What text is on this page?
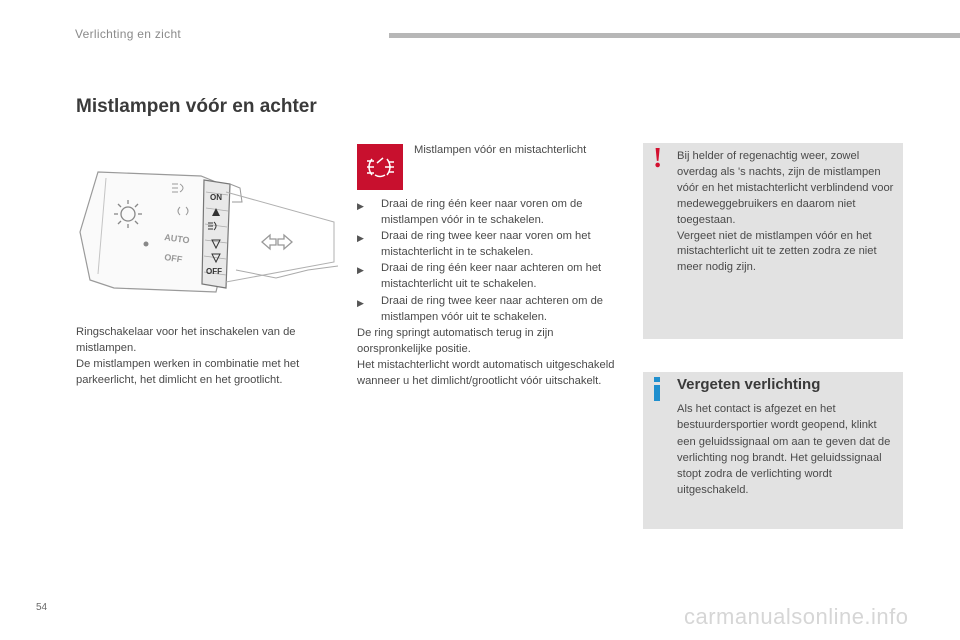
Verlichting en zicht
Mistlampen vóór en achter
AUTO
OFF
ON
OFF

Ringschakelaar voor het inschakelen van de mistlampen.

De mistlampen werken in combinatie met het parkeerlicht, het dimlicht en het grootlicht.

Mistlampen vóór en mistachterlicht

▶ Draai de ring één keer naar voren om de mistlampen vóór in te schakelen.

▶ Draai de ring twee keer naar voren om het mistachterlicht in te schakelen.

▶ Draai de ring één keer naar achteren om het mistachterlicht uit te schakelen.

▶ Draai de ring twee keer naar achteren om de mistlampen vóór uit te schakelen.

De ring springt automatisch terug in zijn oorspronkelijke positie.

Het mistachterlicht wordt automatisch uitgeschakeld wanneer u het dimlicht/grootlicht vóór uitschakelt.

! Bij helder of regenachtig weer, zowel overdag als 's nachts, zijn de mistlampen vóór en het mistachterlicht verblindend voor medeweggebruikers en daarom niet toegestaan.

Vergeet niet de mistlampen vóór en het mistachterlicht uit te zetten zodra ze niet meer nodig zijn.

Vergeten verlichting

Als het contact is afgezet en het bestuurdersportier wordt geopend, klinkt een geluidssignaal om aan te geven dat de verlichting nog brandt. Het geluidssignaal stopt zodra de verlichting wordt uitgeschakeld.

54	carmanualsonline.info
